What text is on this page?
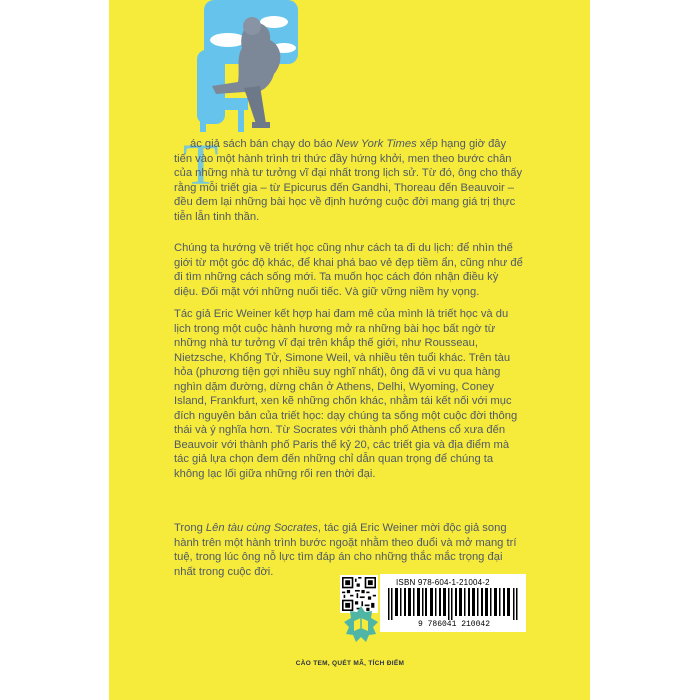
T

ác giả sách bán chạy do báo New York Times xếp hạng giờ đây tiến vào một hành trình tri thức đầy hứng khởi, men theo bước chân của những nhà tư tưởng vĩ đại nhất trong lịch sử. Từ đó, ông cho thấy rằng mỗi triết gia – từ Epicurus đến Gandhi, Thoreau đến Beauvoir – đều đem lại những bài học về định hướng cuộc đời mang giá trị thực tiễn lẫn tinh thần.

Chúng ta hướng về triết học cũng như cách ta đi du lịch: để nhìn thế giới từ một góc độ khác, để khai phá bao vẻ đẹp tiềm ẩn, cũng như để đi tìm những cách sống mới. Ta muốn học cách đón nhận điều kỳ diệu. Đối mặt với những nuối tiếc. Và giữ vững niềm hy vọng.

Tác giả Eric Weiner kết hợp hai đam mê của mình là triết học và du lịch trong một cuộc hành hương mở ra những bài học bất ngờ từ những nhà tư tưởng vĩ đại trên khắp thế giới, như Rousseau, Nietzsche, Khổng Tử, Simone Weil, và nhiều tên tuổi khác. Trên tàu hỏa (phương tiện gợi nhiều suy nghĩ nhất), ông đã vi vu qua hàng nghìn dặm đường, dừng chân ở Athens, Delhi, Wyoming, Coney Island, Frankfurt, xen kẽ những chốn khác, nhằm tái kết nối với mục đích nguyên bản của triết học: dạy chúng ta sống một cuộc đời thông thái và ý nghĩa hơn. Từ Socrates với thành phố Athens cổ xưa đến Beauvoir với thành phố Paris thế kỷ 20, các triết gia và địa điểm mà tác giả lựa chọn đem đến những chỉ dẫn quan trọng để chúng ta không lạc lối giữa những rối ren thời đại.

Trong Lên tàu cùng Socrates, tác giả Eric Weiner mời độc giả song hành trên một hành trình bước ngoặt nhằm theo đuổi và mở mang trí tuệ, trong lúc ông nỗ lực tìm đáp án cho những thắc mắc trọng đại nhất trong cuộc đời.

ISBN 978-604-1-21004-2
9 786041 210042
CÀO TEM, QUÉT MÃ, TÍCH ĐIỂM
